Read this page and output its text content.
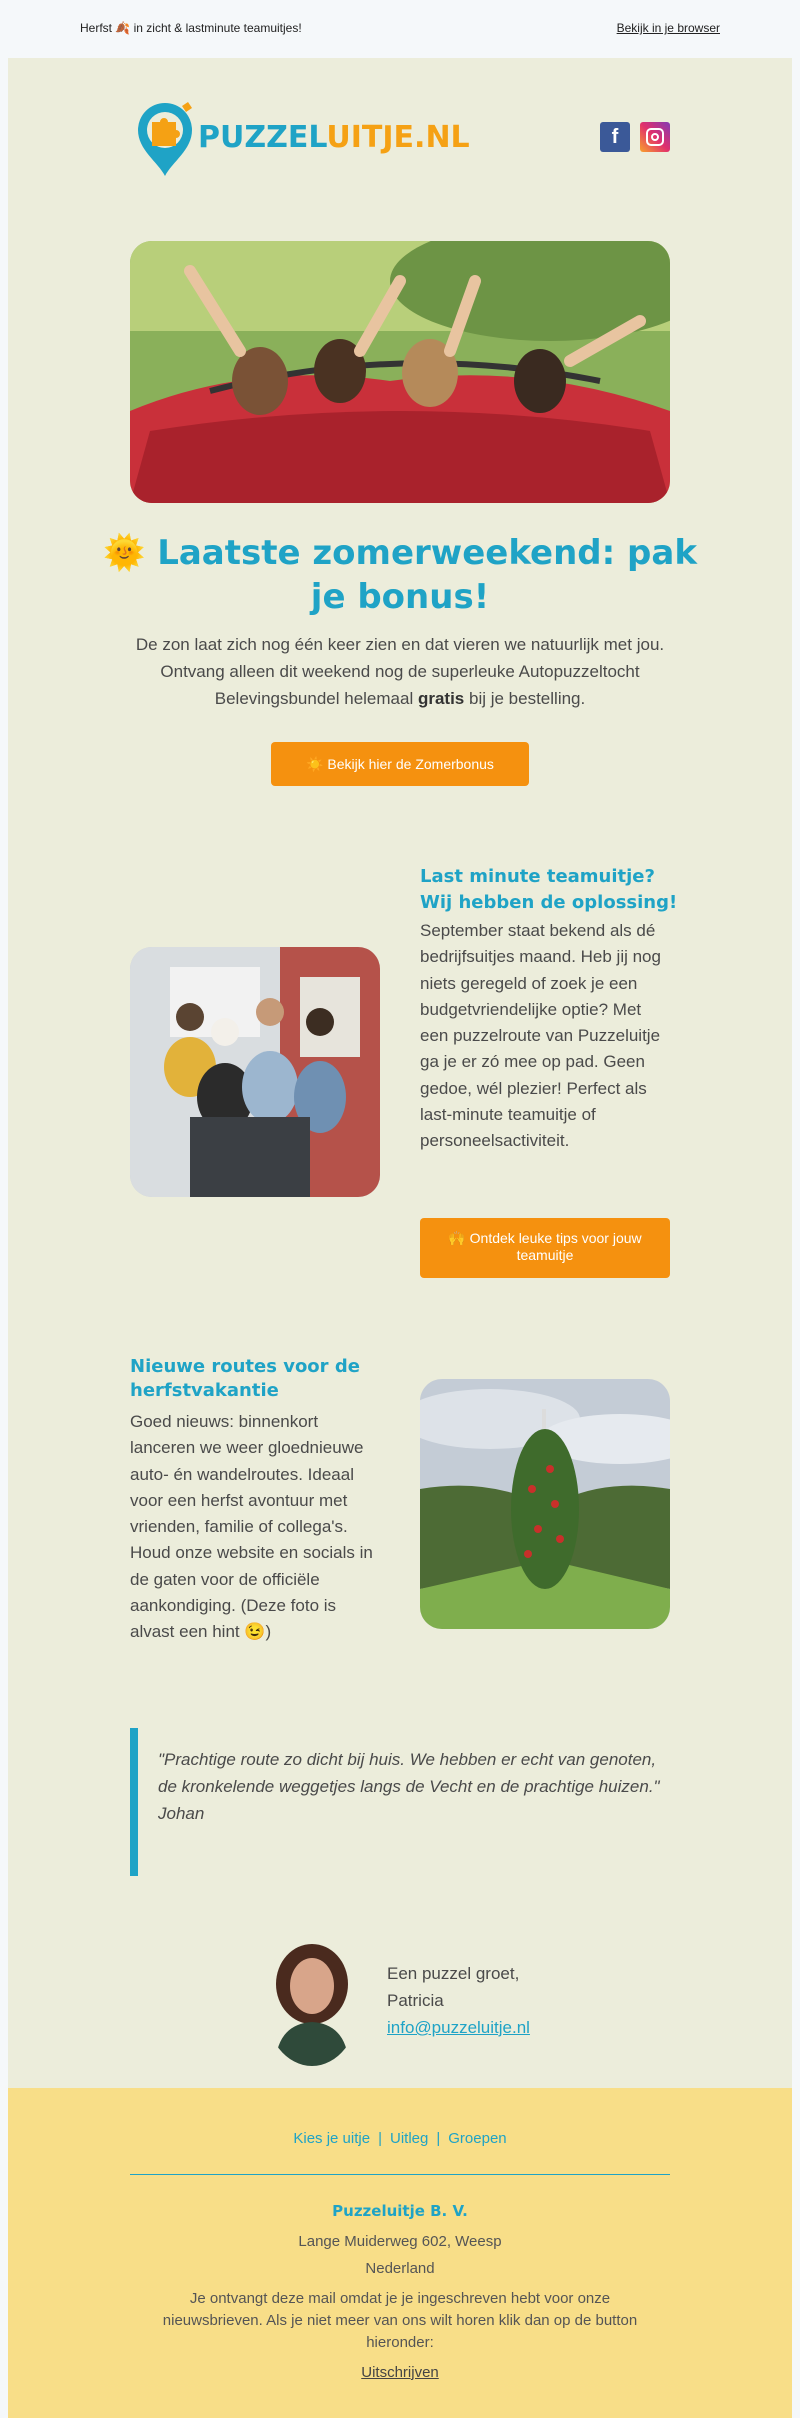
Herfst 🍂 in zicht & lastminute teamuitjes!	Bekijk in je browser
PUZZELUITJE.NL	f
🌞 Laatste zomerweekend: pak je bonus!
De zon laat zich nog één keer zien en dat vieren we natuurlijk met jou. Ontvang alleen dit weekend nog de superleuke Autopuzzeltocht Belevingsbundel helemaal gratis bij je bestelling.
☀️ Bekijk hier de Zomerbonus
Last minute teamuitje? Wij hebben de oplossing!
September staat bekend als dé bedrijfsuitjes maand. Heb jij nog niets geregeld of zoek je een budgetvriendelijke optie? Met een puzzelroute van Puzzeluitje ga je er zó mee op pad. Geen gedoe, wél plezier! Perfect als last-minute teamuitje of personeelsactiviteit.
🙌 Ontdek leuke tips voor jouw teamuitje
Nieuwe routes voor de herfstvakantie
Goed nieuws: binnenkort lanceren we weer gloednieuwe auto- én wandelroutes. Ideaal voor een herfst avontuur met vrienden, familie of collega's. Houd onze website en socials in de gaten voor de officiële aankondiging. (Deze foto is alvast een hint 😉)
"Prachtige route zo dicht bij huis. We hebben er echt van genoten, de kronkelende weggetjes langs de Vecht en de prachtige huizen."
Johan
Een puzzel groet,
Patricia
info@puzzeluitje.nl
Kies je uitje | Uitleg | Groepen
Puzzeluitje B. V.
Lange Muiderweg 602, Weesp
Nederland
Je ontvangt deze mail omdat je je ingeschreven hebt voor onze nieuwsbrieven. Als je niet meer van ons wilt horen klik dan op de button hieronder:
Uitschrijven
